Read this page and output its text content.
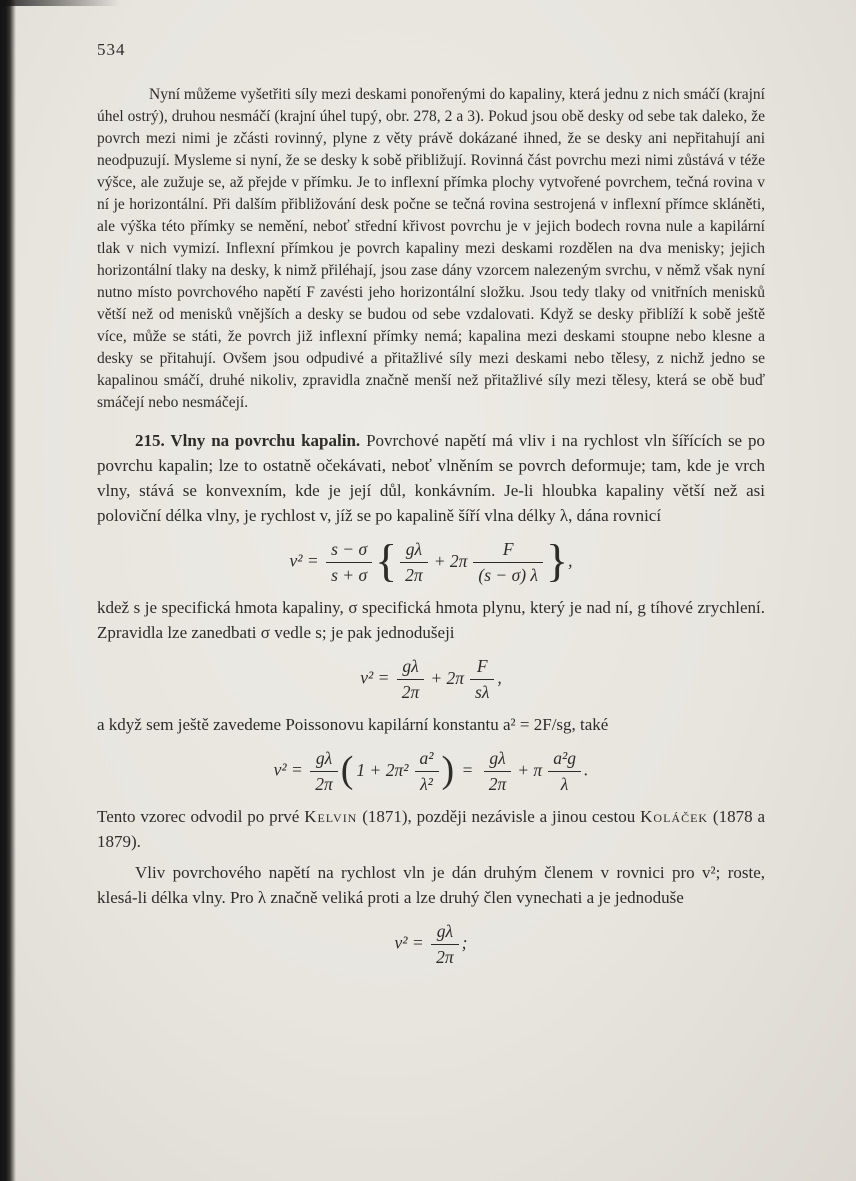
534

Nyní můžeme vyšetřiti síly mezi deskami ponořenými do kapaliny, která jednu z nich smáčí (krajní úhel ostrý), druhou nesmáčí (krajní úhel tupý, obr. 278, 2 a 3). Pokud jsou obě desky od sebe tak daleko, že povrch mezi nimi je zčásti rovinný, plyne z věty právě dokázané ihned, že se desky ani nepřitahují ani neodpuzují. Mysleme si nyní, že se desky k sobě přibližují. Rovinná část povrchu mezi nimi zůstává v téže výšce, ale zužuje se, až přejde v přímku. Je to inflexní přímka plochy vytvořené povrchem, tečná rovina v ní je horizontální. Při dalším přibližování desk počne se tečná rovina sestrojená v inflexní přímce skláněti, ale výška této přímky se nemění, neboť střední křivost povrchu je v jejich bodech rovna nule a kapilární tlak v nich vymizí. Inflexní přímkou je povrch kapaliny mezi deskami rozdělen na dva menisky; jejich horizontální tlaky na desky, k nimž přiléhají, jsou zase dány vzorcem nalezeným svrchu, v němž však nyní nutno místo povrchového napětí F zavésti jeho horizontální složku. Jsou tedy tlaky od vnitřních menisků větší než od menisků vnějších a desky se budou od sebe vzdalovati. Když se desky přiblíží k sobě ještě více, může se státi, že povrch již inflexní přímky nemá; kapalina mezi deskami stoupne nebo klesne a desky se přitahují. Ovšem jsou odpudivé a přitažlivé síly mezi deskami nebo tělesy, z nichž jedno se kapalinou smáčí, druhé nikoliv, zpravidla značně menší než přitažlivé síly mezi tělesy, která se obě buď smáčejí nebo nesmáčejí.

215. Vlny na povrchu kapalin. Povrchové napětí má vliv i na rychlost vln šířících se po povrchu kapalin; lze to ostatně očekávati, neboť vlněním se povrch deformuje; tam, kde je vrch vlny, stává se konvexním, kde je její důl, konkávním. Je-li hloubka kapaliny větší než asi poloviční délka vlny, je rychlost v, jíž se po kapalině šíří vlna délky λ, dána rovnicí

$v^2 = \frac{s - \sigma}{s + \sigma}$ { $\frac{g\lambda}{2\pi} + 2\pi \frac{F}{(s - \sigma) \lambda}$ },

kdež s je specifická hmota kapaliny, σ specifická hmota plynu, který je nad ní, g tíhové zrychlení. Zpravidla lze zanedbati σ vedle s; je pak jednodušeji

$v^2 = \frac{g\lambda}{2\pi} + 2\pi \frac{F}{s\lambda}$ ,

a když sem ještě zavedeme Poissonovu kapilární konstantu a² = 2F/sg, také

$v^2 = \frac{g\lambda}{2\pi}$ ( $1 + 2\pi^2 \frac{\text{a²}}{\text{λ²}}$ ) = $\frac{g\lambda}{2\pi} + \pi \frac{\text{a²g}}{\lambda}$ .

Tento vzorec odvodil po prvé Kelvin (1871), později nezávisle a jinou cestou Koláček (1878 a 1879).

Vliv povrchového napětí na rychlost vln je dán druhým členem v rovnici pro v²; roste, klesá-li délka vlny. Pro λ značně veliká proti a lze druhý člen vynechati a je jednoduše

$v^2 = \frac{g\lambda}{2\pi}$ ;
